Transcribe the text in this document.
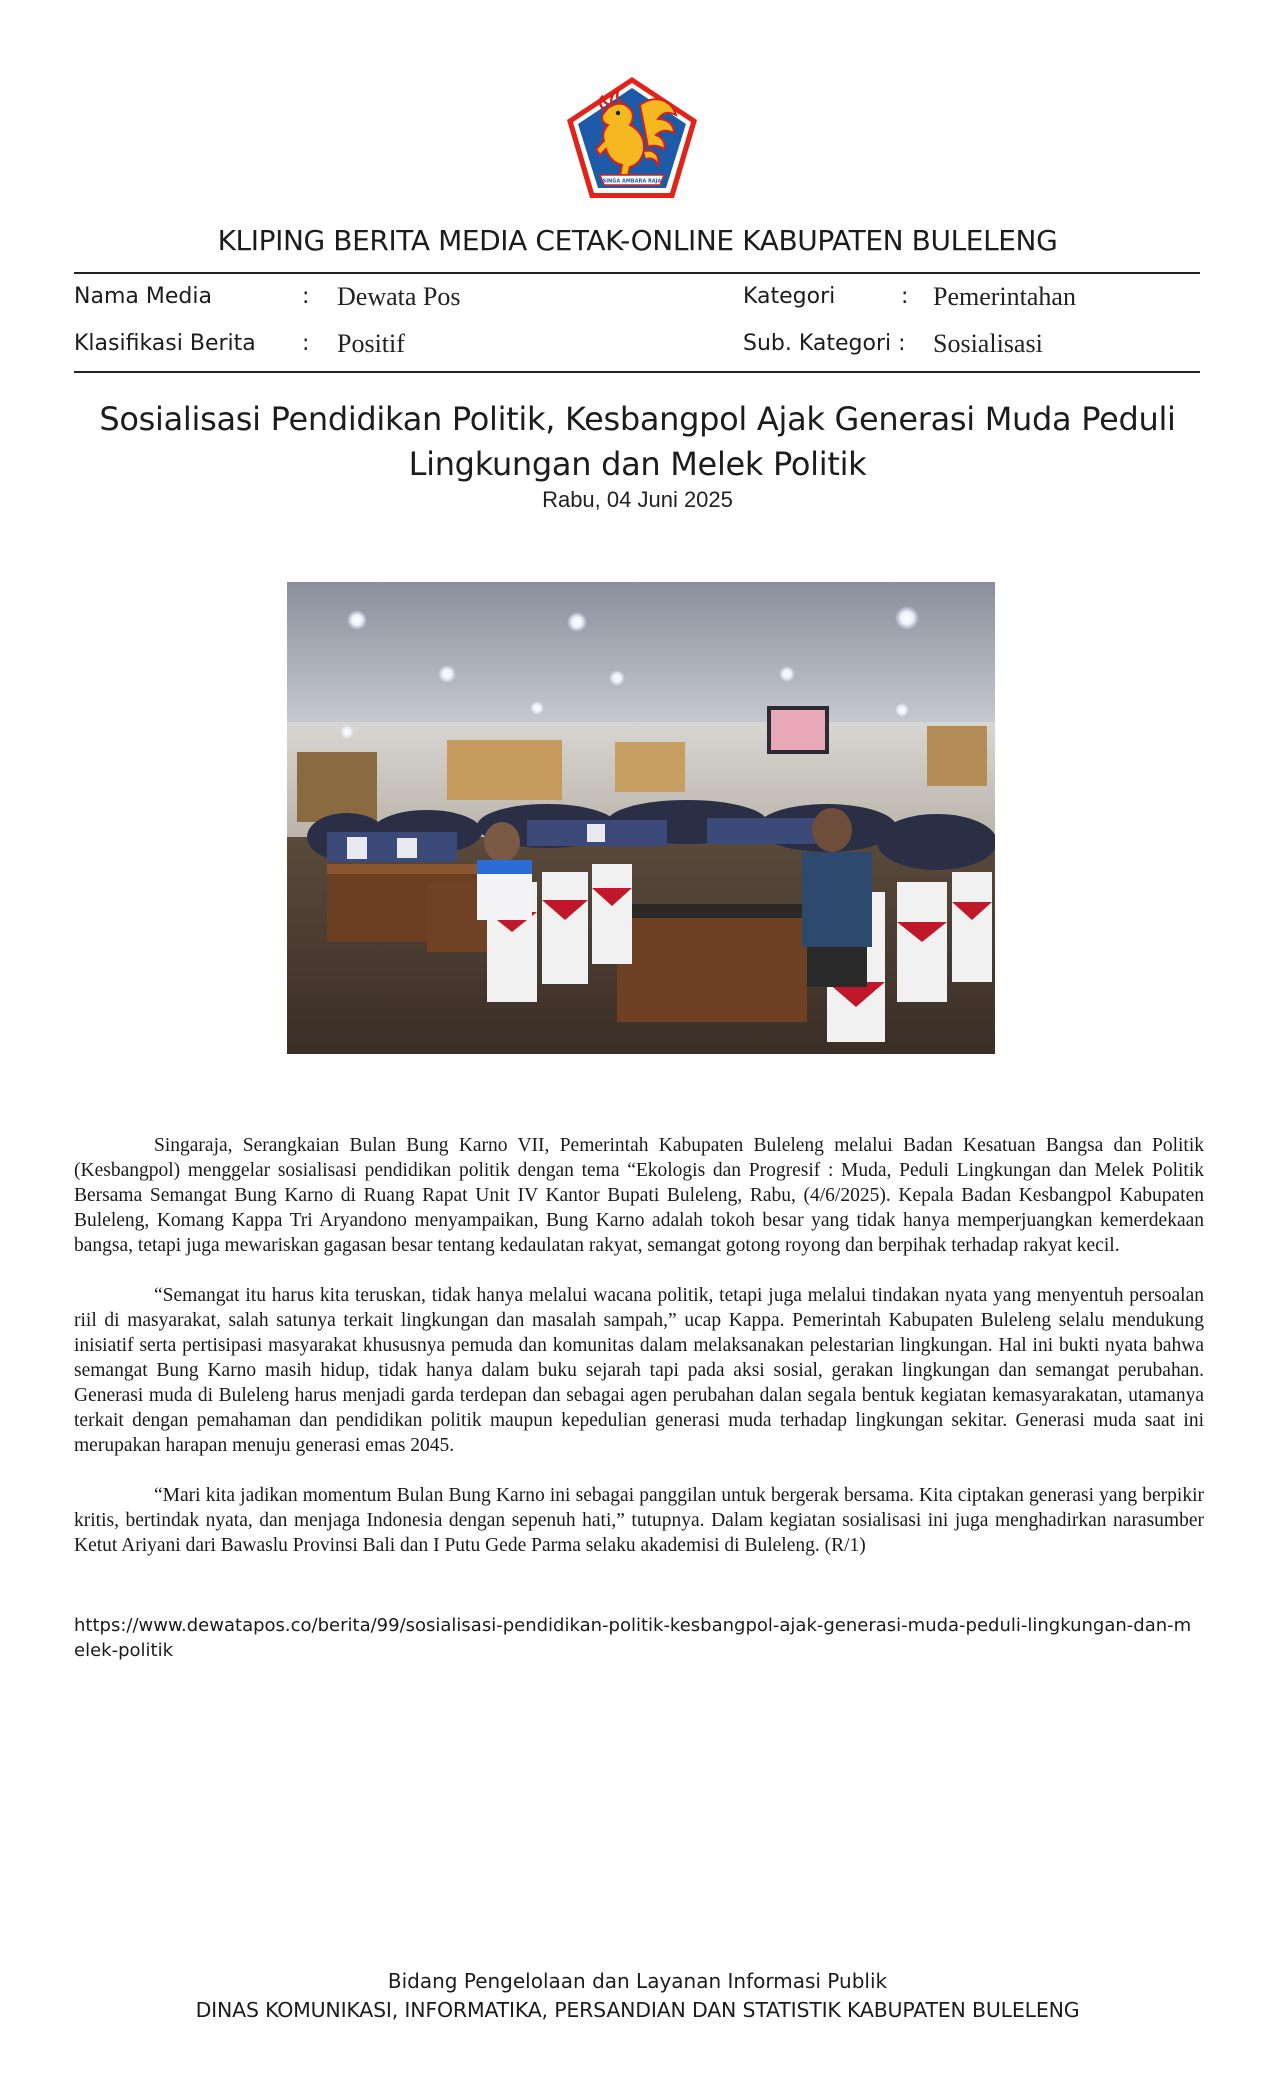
SINGA AMBARA RAJA
KLIPING BERITA MEDIA CETAK-ONLINE KABUPATEN BULELENG
Nama Media	: Dewata Pos
Klasifikasi Berita : Positif
Kategori	: Pemerintahan
Sub. Kategori : Sosialisasi
Sosialisasi Pendidikan Politik, Kesbangpol Ajak Generasi Muda Peduli Lingkungan dan Melek Politik
Rabu, 04 Juni 2025

Singaraja, Serangkaian Bulan Bung Karno VII, Pemerintah Kabupaten Buleleng melalui Badan Kesatuan Bangsa dan Politik (Kesbangpol) menggelar sosialisasi pendidikan politik dengan tema “Ekologis dan Progresif : Muda, Peduli Lingkungan dan Melek Politik Bersama Semangat Bung Karno di Ruang Rapat Unit IV Kantor Bupati Buleleng, Rabu, (4/6/2025). Kepala Badan Kesbangpol Kabupaten Buleleng, Komang Kappa Tri Aryandono menyampaikan, Bung Karno adalah tokoh besar yang tidak hanya memperjuangkan kemerdekaan bangsa, tetapi juga mewariskan gagasan besar tentang kedaulatan rakyat, semangat gotong royong dan berpihak terhadap rakyat kecil.

“Semangat itu harus kita teruskan, tidak hanya melalui wacana politik, tetapi juga melalui tindakan nyata yang menyentuh persoalan riil di masyarakat, salah satunya terkait lingkungan dan masalah sampah,” ucap Kappa. Pemerintah Kabupaten Buleleng selalu mendukung inisiatif serta pertisipasi masyarakat khususnya pemuda dan komunitas dalam melaksanakan pelestarian lingkungan. Hal ini bukti nyata bahwa semangat Bung Karno masih hidup, tidak hanya dalam buku sejarah tapi pada aksi sosial, gerakan lingkungan dan semangat perubahan. Generasi muda di Buleleng harus menjadi garda terdepan dan sebagai agen perubahan dalan segala bentuk kegiatan kemasyarakatan, utamanya terkait dengan pemahaman dan pendidikan politik maupun kepedulian generasi muda terhadap lingkungan sekitar. Generasi muda saat ini merupakan harapan menuju generasi emas 2045.

“Mari kita jadikan momentum Bulan Bung Karno ini sebagai panggilan untuk bergerak bersama. Kita ciptakan generasi yang berpikir kritis, bertindak nyata, dan menjaga Indonesia dengan sepenuh hati,” tutupnya. Dalam kegiatan sosialisasi ini juga menghadirkan narasumber Ketut Ariyani dari Bawaslu Provinsi Bali dan I Putu Gede Parma selaku akademisi di Buleleng. (R/1)

https://www.dewatapos.co/berita/99/sosialisasi-pendidikan-politik-kesbangpol-ajak-generasi-muda-peduli-lingkungan-dan-melek-politik
Bidang Pengelolaan dan Layanan Informasi Publik
DINAS KOMUNIKASI, INFORMATIKA, PERSANDIAN DAN STATISTIK KABUPATEN BULELENG
